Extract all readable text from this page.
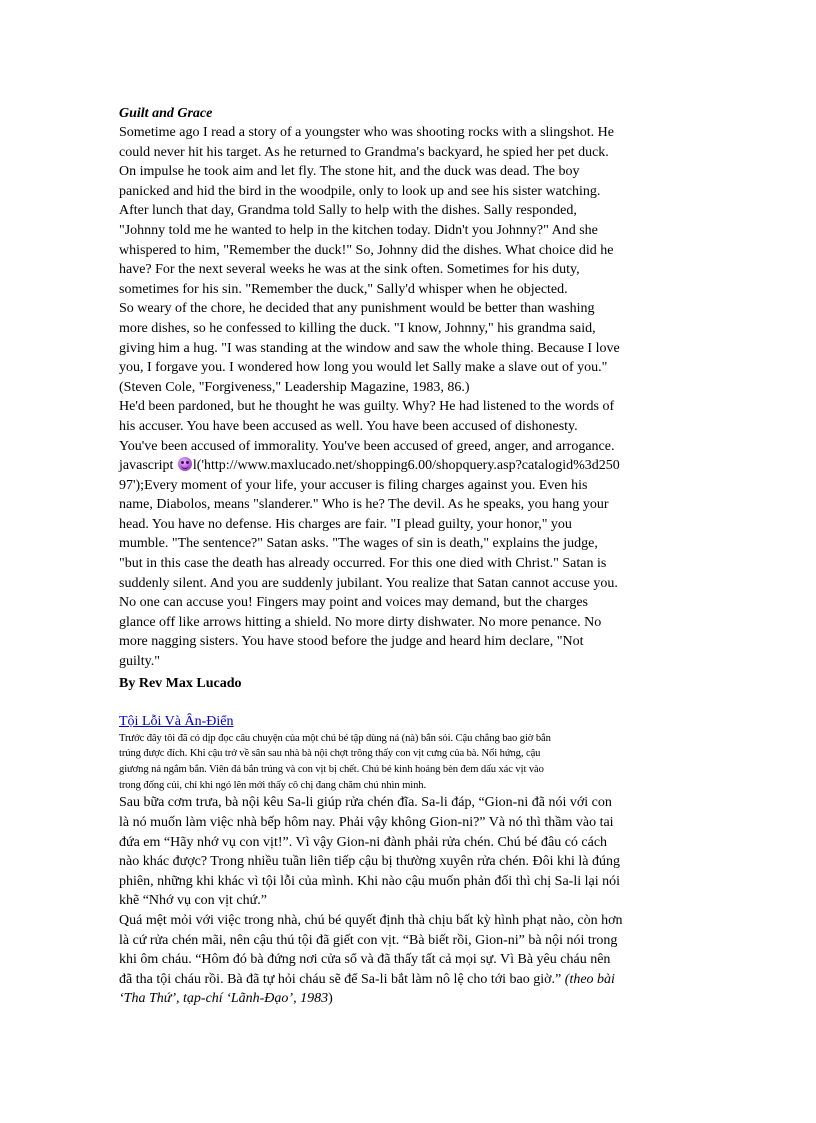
Guilt and Grace

Sometime ago I read a story of a youngster who was shooting rocks with a slingshot. He

could never hit his target. As he returned to Grandma's backyard, he spied her pet duck.

On impulse he took aim and let fly. The stone hit, and the duck was dead. The boy

panicked and hid the bird in the woodpile, only to look up and see his sister watching.

After lunch that day, Grandma told Sally to help with the dishes. Sally responded,

"Johnny told me he wanted to help in the kitchen today. Didn't you Johnny?" And she

whispered to him, "Remember the duck!" So, Johnny did the dishes. What choice did he

have? For the next several weeks he was at the sink often. Sometimes for his duty,

sometimes for his sin. "Remember the duck," Sally'd whisper when he objected.

So weary of the chore, he decided that any punishment would be better than washing

more dishes, so he confessed to killing the duck. "I know, Johnny," his grandma said,

giving him a hug. "I was standing at the window and saw the whole thing. Because I love

you, I forgave you. I wondered how long you would let Sally make a slave out of you."

(Steven Cole, "Forgiveness," Leadership Magazine, 1983, 86.)

He'd been pardoned, but he thought he was guilty. Why? He had listened to the words of

his accuser. You have been accused as well. You have been accused of dishonesty.

You've been accused of immorality. You've been accused of greed, anger, and arrogance.

javascript
l('http://www.maxlucado.net/shopping6.00/shopquery.asp?catalogid%3d250

97');Every moment of your life, your accuser is filing charges against you. Even his

name, Diabolos, means "slanderer." Who is he? The devil. As he speaks, you hang your

head. You have no defense. His charges are fair. "I plead guilty, your honor," you

mumble. "The sentence?" Satan asks. "The wages of sin is death," explains the judge,

"but in this case the death has already occurred. For this one died with Christ." Satan is

suddenly silent. And you are suddenly jubilant. You realize that Satan cannot accuse you.

No one can accuse you! Fingers may point and voices may demand, but the charges

glance off like arrows hitting a shield. No more dirty dishwater. No more penance. No

more nagging sisters. You have stood before the judge and heard him declare, "Not

guilty."

By Rev Max Lucado

Tội Lỗi Và Ân-Điển

Trước đây tôi đã có dịp đọc câu chuyện của một chú bé tập dùng ná (nà) bắn sỏi. Cậu chẳng bao giờ bắn

trúng được đích. Khi cậu trở về sân sau nhà bà nội chợt trông thấy con vịt cưng của bà. Nổi hứng, cậu

giương ná ngắm bắn. Viên đá bắn trúng và con vịt bị chết. Chú bé kinh hoảng bèn đem dấu xác vịt vào

trong đống củi, chỉ khi ngó lên mới thấy cô chị đang chăm chú nhìn mình.

Sau bữa cơm trưa, bà nội kêu Sa-li giúp rửa chén đĩa. Sa-li đáp, “Gion-ni đã nói với con

là nó muốn làm việc nhà bếp hôm nay. Phải vậy không Gion-ni?” Và nó thì thầm vào tai

đứa em “Hãy nhớ vụ con vịt!”. Vì vậy Gion-ni đành phải rửa chén. Chú bé đâu có cách

nào khác được? Trong nhiều tuần liên tiếp cậu bị thường xuyên rửa chén. Đôi khi là đúng

phiên, những khi khác vì tội lỗi của mình. Khi nào cậu muốn phản đối thì chị Sa-li lại nói

khẽ “Nhớ vụ con vịt chứ.”

Quá mệt mỏi với việc trong nhà, chú bé quyết định thà chịu bất kỳ hình phạt nào, còn hơn

là cứ rửa chén mãi, nên cậu thú tội đã giết con vịt. “Bà biết rồi, Gion-ni” bà nội nói trong

khi ôm cháu. “Hôm đó bà đứng nơi cửa sổ và đã thấy tất cả mọi sự. Vì Bà yêu cháu nên

đã tha tội cháu rồi. Bà đã tự hỏi cháu sẽ để Sa-li bắt làm nô lệ cho tới bao giờ.” (theo bài

‘Tha Thứ’, tạp-chí ‘Lãnh-Đạo’, 1983)
